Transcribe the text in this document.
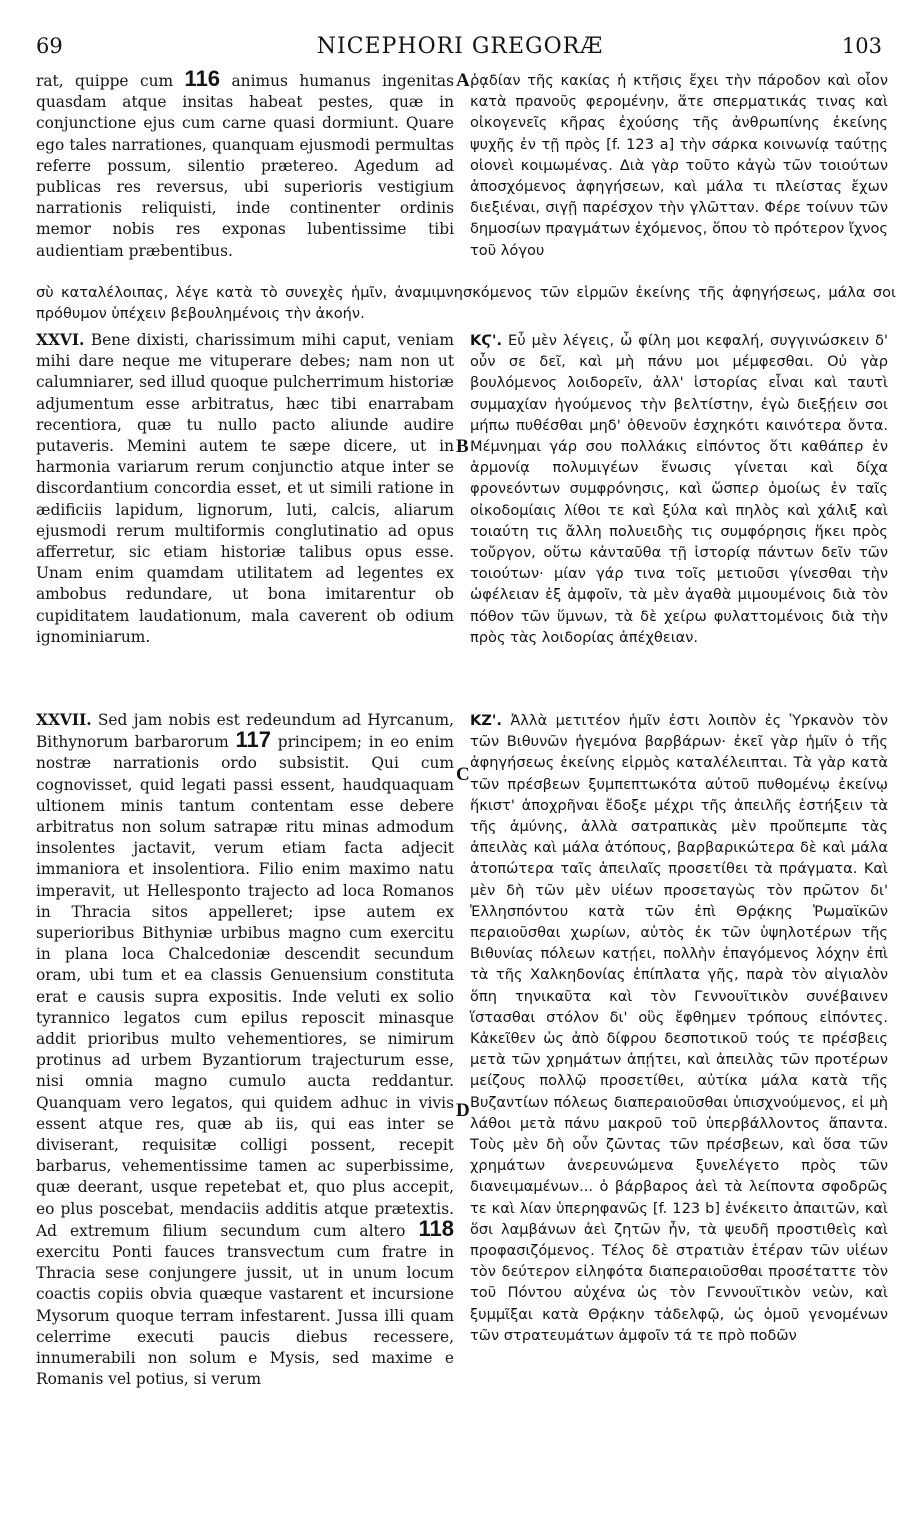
69	NICEPHORI GREGORÆ	103

rat, quippe cum 116 animus humanus ingenitas quasdam atque insitas habeat pestes, quæ in conjunctione ejus cum carne quasi dormiunt. Quare ego tales narrationes, quanquam ejusmodi permultas referre possum, silentio prætereo. Agedum ad publicas res reversus, ubi superioris vestigium narrationis reliquisti, inde continenter ordinis memor nobis res exponas lubentissime tibi audientiam præbentibus.

σὺ καταλέλοιπας, λέγε κατὰ τὸ συνεχὲς ἡμῖν, ἀναμιμνησκόμενος τῶν εἱρμῶν ἐκείνης τῆς ἀφηγήσεως, μάλα σοι πρόθυμον ὑπέχειν βεβουλημένοις τὴν ἀκοήν.

XXVI. Bene dixisti, charissimum mihi caput, veniam mihi dare neque me vituperare debes; nam non ut calumniarer, sed illud quoque pulcherrimum historiæ adjumentum esse arbitratus, hæc tibi enarrabam recentiora, quæ tu nullo pacto aliunde audire putaveris. Memini autem te sæpe dicere, ut in harmonia variarum rerum conjunctio atque inter se discordantium concordia esset, et ut simili ratione in ædificiis lapidum, lignorum, luti, calcis, aliarum ejusmodi rerum multiformis conglutinatio ad opus afferretur, sic etiam historiæ talibus opus esse. Unam enim quamdam utilitatem ad legentes ex ambobus redundare, ut bona imitarentur ob cupiditatem laudationum, mala caverent ob odium ignominiarum.

XXVII. Sed jam nobis est redeundum ad Hyrcanum, Bithynorum barbarorum 117 principem; in eo enim nostræ narrationis ordo subsistit. Qui cum cognovisset, quid legati passi essent, haudquaquam ultionem minis tantum contentam esse debere arbitratus non solum satrapæ ritu minas admodum insolentes jactavit, verum etiam facta adjecit immaniora et insolentiora. Filio enim maximo natu imperavit, ut Hellesponto trajecto ad loca Romanos in Thracia sitos appelleret; ipse autem ex superioribus Bithyniæ urbibus magno cum exercitu in plana loca Chalcedoniæ descendit secundum oram, ubi tum et ea classis Genuensium constituta erat e causis supra expositis. Inde veluti ex solio tyrannico legatos cum epilus reposcit minasque addit prioribus multo vehementiores, se nimirum protinus ad urbem Byzantiorum trajecturum esse, nisi omnia magno cumulo aucta reddantur. Quanquam vero legatos, qui quidem adhuc in vivis essent atque res, quæ ab iis, qui eas inter se diviserant, requisitæ colligi possent, recepit barbarus, vehementissime tamen ac superbissime, quæ deerant, usque repetebat et, quo plus accepit, eo plus poscebat, mendaciis additis atque prætextis. Ad extremum filium secundum cum altero 118 exercitu Ponti fauces transvectum cum fratre in Thracia sese conjungere jussit, ut in unum locum coactis copiis obvia quæque vastarent et incursione Mysorum quoque terram infestarent. Jussa illi quam celerrime executi paucis diebus recessere, innumerabili non solum e Mysis, sed maxime e Romanis vel potius, si verum

A
B
C
D

ῥᾳδίαν τῆς κακίας ἡ κτῆσις ἔχει τὴν πάροδον καὶ οἷον κατὰ πρανοῦς φερομένην, ἅτε σπερματικάς τινας καὶ οἰκογενεῖς κῆρας ἐχούσης τῆς ἀνθρωπίνης ἐκείνης ψυχῆς ἐν τῇ πρὸς [f. 123 a] τὴν σάρκα κοινωνίᾳ ταύτῃς οἱονεὶ κοιμωμένας. Διὰ γὰρ τοῦτο κἀγὼ τῶν τοιούτων ἀποσχόμενος ἀφηγήσεων, καὶ μάλα τι πλείστας ἔχων διεξιέναι, σιγῇ παρέσχον τὴν γλῶτταν. Φέρε τοίνυν τῶν δημοσίων πραγμάτων ἐχόμενος, ὅπου τὸ πρότερον ἴχνος τοῦ λόγου

ΚϚ'. Εὖ μὲν λέγεις, ὦ φίλη μοι κεφαλή, συγγινώσκειν δ' οὖν σε δεῖ, καὶ μὴ πάνυ μοι μέμφεσθαι. Οὐ γὰρ βουλόμενος λοιδορεῖν, ἀλλ' ἱστορίας εἶναι καὶ ταυτὶ συμμαχίαν ἡγούμενος τὴν βελτίστην, ἐγὼ διεξῄειν σοι μήπω πυθέσθαι μηδ' ὁθενοῦν ἐσχηκότι καινότερα ὄντα. Μέμνημαι γάρ σου πολλάκις εἰπόντος ὅτι καθάπερ ἐν ἁρμονίᾳ πολυμιγέων ἕνωσις γίνεται καὶ δίχα φρονεόντων συμφρόνησις, καὶ ὥσπερ ὁμοίως ἐν ταῖς οἰκοδομίαις λίθοι τε καὶ ξύλα καὶ πηλὸς καὶ χάλιξ καὶ τοιαύτη τις ἄλλη πολυειδὴς τις συμφόρησις ἥκει πρὸς τοὔργον, οὕτω κἀνταῦθα τῇ ἱστορίᾳ πάντων δεῖν τῶν τοιούτων· μίαν γάρ τινα τοῖς μετιοῦσι γίνεσθαι τὴν ὠφέλειαν ἐξ ἀμφοῖν, τὰ μὲν ἀγαθὰ μιμουμένοις διὰ τὸν πόθον τῶν ὕμνων, τὰ δὲ χείρω φυλαττομένοις διὰ τὴν πρὸς τὰς λοιδορίας ἀπέχθειαν.

ΚΖ'. Ἀλλὰ μετιτέον ἡμῖν ἐστι λοιπὸν ἐς Ὑρκανὸν τὸν τῶν Βιθυνῶν ἡγεμόνα βαρβάρων· ἐκεῖ γὰρ ἡμῖν ὁ τῆς ἀφηγήσεως ἐκείνης εἱρμὸς καταλέλειπται. Τὰ γὰρ κατὰ τῶν πρέσβεων ξυμπεπτωκότα αὐτοῦ πυθομένῳ ἐκείνῳ ἥκιστ' ἀποχρῆναι ἔδοξε μέχρι τῆς ἀπειλῆς ἑστήξειν τὰ τῆς ἀμύνης, ἀλλὰ σατραπικὰς μὲν προὔπεμπε τὰς ἀπειλὰς καὶ μάλα ἀτόπους, βαρβαρικώτερα δὲ καὶ μάλα ἀτοπώτερα ταῖς ἀπειλαῖς προσετίθει τὰ πράγματα. Καὶ μὲν δὴ τῶν μὲν υἱέων προσεταγὼς τὸν πρῶτον δι' Ἑλλησπόντου κατὰ τῶν ἐπὶ Θρᾴκης Ῥωμαϊκῶν περαιοῦσθαι χωρίων, αὐτὸς ἐκ τῶν ὑψηλοτέρων τῆς Βιθυνίας πόλεων κατῄει, πολλὴν ἐπαγόμενος λόχην ἐπὶ τὰ τῆς Χαλκηδονίας ἐπίπλατα γῆς, παρὰ τὸν αἰγιαλὸν ὅπη τηνικαῦτα καὶ τὸν Γεννουϊτικὸν συνέβαινεν ἵστασθαι στόλον δι' οὓς ἔφθημεν τρόπους εἰπόντες. Κἀκεῖθεν ὡς ἀπὸ δίφρου δεσποτικοῦ τούς τε πρέσβεις μετὰ τῶν χρημάτων ἀπῄτει, καὶ ἀπειλὰς τῶν προτέρων μείζους πολλῷ προσετίθει, αὐτίκα μάλα κατὰ τῆς Βυζαντίων πόλεως διαπεραιοῦσθαι ὑπισχνούμενος, εἰ μὴ λάθοι μετὰ πάνυ μακροῦ τοῦ ὑπερβάλλοντος ἅπαντα. Τοὺς μὲν δὴ οὖν ζῶντας τῶν πρέσβεων, καὶ ὅσα τῶν χρημάτων ἀνερευνώμενα ξυνελέγετο πρὸς τῶν διανειμαμένων... ὁ βάρβαρος ἀεὶ τὰ λείποντα σφοδρῶς τε καὶ λίαν ὑπερηφανῶς [f. 123 b] ἐνέκειτο ἀπαιτῶν, καὶ ὅσι λαμβάνων ἀεὶ ζητῶν ἦν, τὰ ψευδῆ προστιθεὶς καὶ προφασιζόμενος. Τέλος δὲ στρατιὰν ἑτέραν τῶν υἱέων τὸν δεύτερον εἰληφότα διαπεραιοῦσθαι προσέταττε τὸν τοῦ Πόντου αὐχένα ὡς τὸν Γεννουϊτικὸν νεὼν, καὶ ξυμμῖξαι κατὰ Θρᾴκην τἀδελφῷ, ὡς ὁμοῦ γενομένων τῶν στρατευμάτων ἀμφοῖν τά τε πρὸ ποδῶν
